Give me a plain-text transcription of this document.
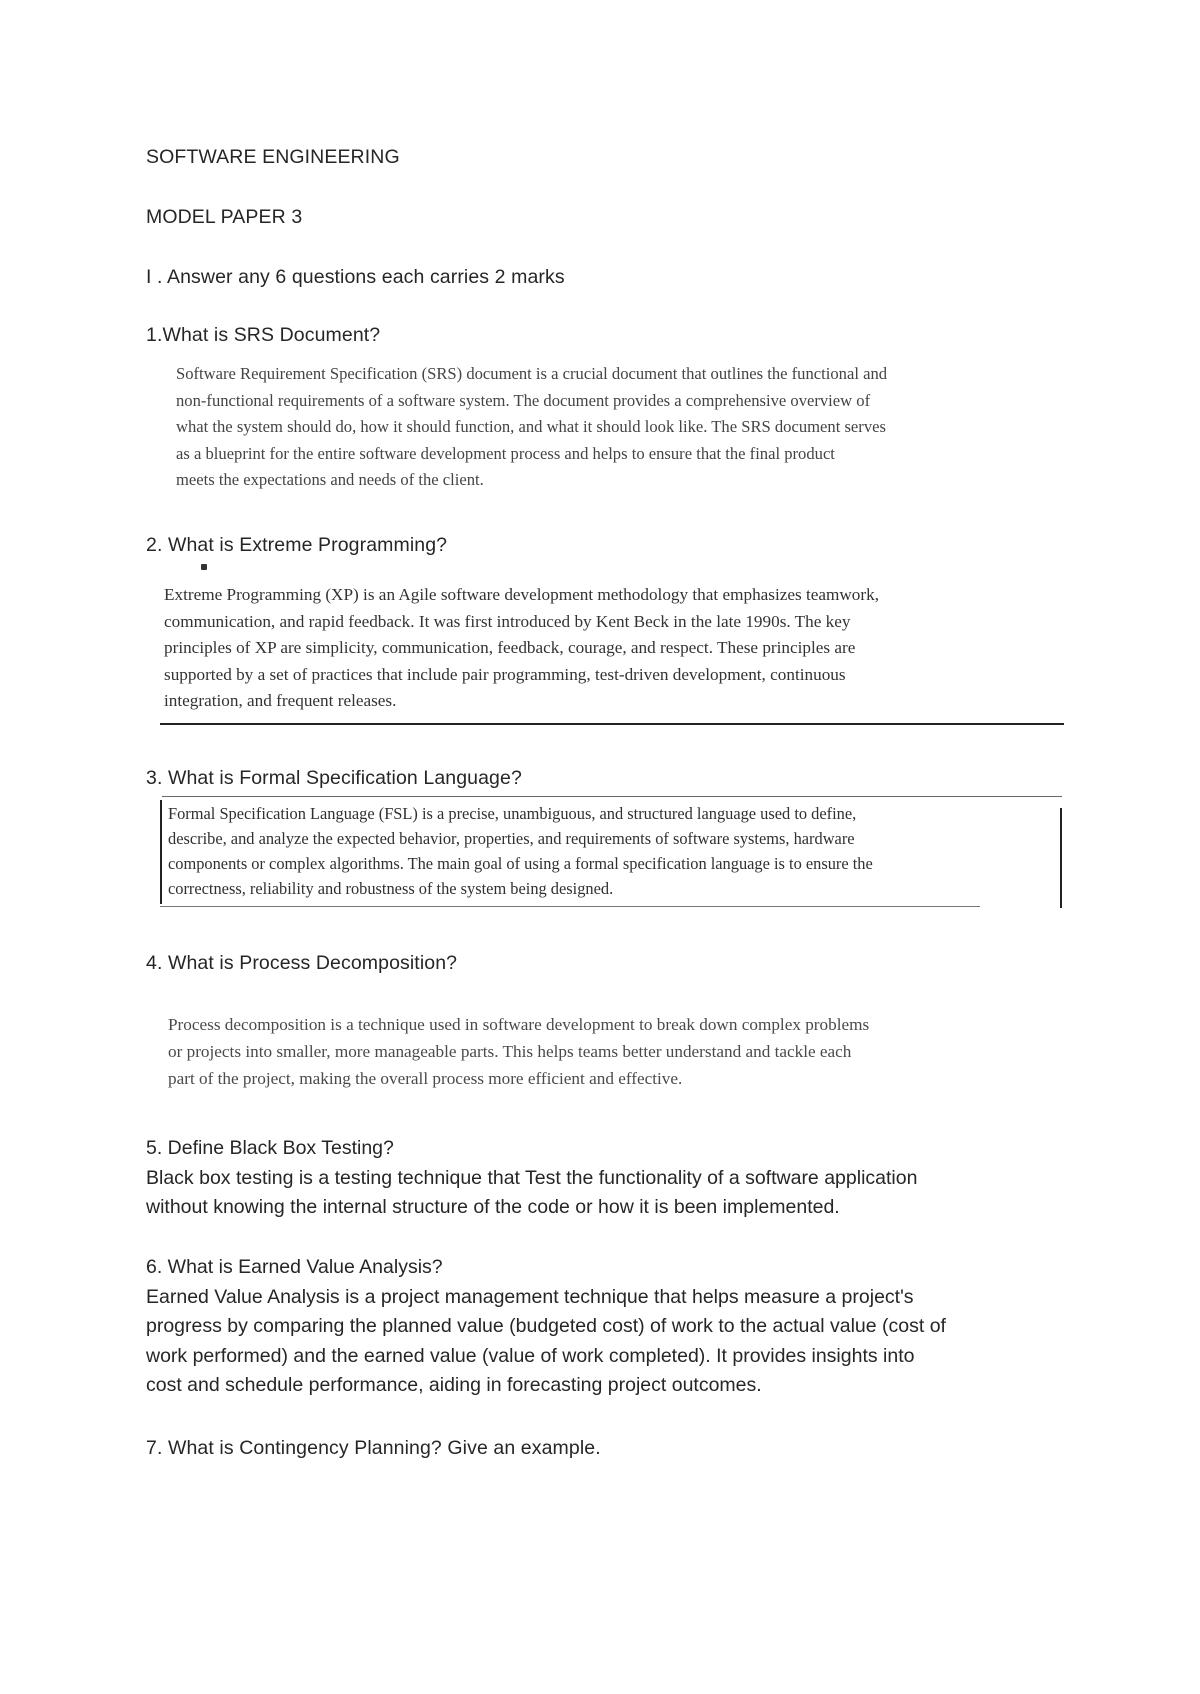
SOFTWARE ENGINEERING
MODEL PAPER 3
I . Answer any 6 questions each carries 2 marks
1.What is SRS Document?
Software Requirement Specification (SRS) document is a crucial document that outlines the functional and
non-functional requirements of a software system. The document provides a comprehensive overview of
what the system should do, how it should function, and what it should look like. The SRS document serves
as a blueprint for the entire software development process and helps to ensure that the final product
meets the expectations and needs of the client.
2. What is Extreme Programming?
Extreme Programming (XP) is an Agile software development methodology that emphasizes teamwork,
communication, and rapid feedback. It was first introduced by Kent Beck in the late 1990s. The key
principles of XP are simplicity, communication, feedback, courage, and respect. These principles are
supported by a set of practices that include pair programming, test-driven development, continuous
integration, and frequent releases.
3. What is Formal Specification Language?
Formal Specification Language (FSL) is a precise, unambiguous, and structured language used to define,
describe, and analyze the expected behavior, properties, and requirements of software systems, hardware
components or complex algorithms. The main goal of using a formal specification language is to ensure the
correctness, reliability and robustness of the system being designed.
4. What is Process Decomposition?
Process decomposition is a technique used in software development to break down complex problems
or projects into smaller, more manageable parts. This helps teams better understand and tackle each
part of the project, making the overall process more efficient and effective.
5. Define Black Box Testing?
Black box testing is a testing technique that Test the functionality of a software application
without knowing the internal structure of the code or how it is been implemented.
6. What is Earned Value Analysis?
Earned Value Analysis is a project management technique that helps measure a project's
progress by comparing the planned value (budgeted cost) of work to the actual value (cost of
work performed) and the earned value (value of work completed). It provides insights into
cost and schedule performance, aiding in forecasting project outcomes.
7. What is Contingency Planning? Give an example.
